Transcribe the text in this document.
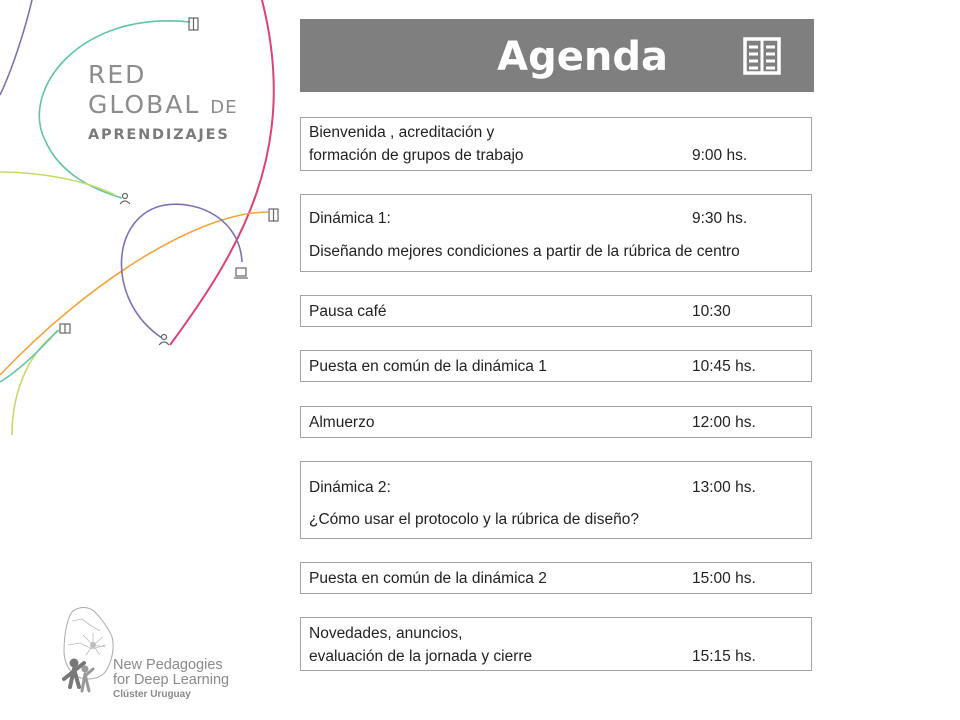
RED
GLOBAL DE
APRENDIZAJES
Agenda
Bienvenida , acreditación y
formación de grupos de trabajo	9:00 hs.
Dinámica 1:	9:30 hs.
Diseñando mejores condiciones a partir de la rúbrica de centro
Pausa café	10:30
Puesta en común de la dinámica 1	10:45 hs.
Almuerzo	12:00 hs.
Dinámica 2:	13:00 hs.
¿Cómo usar el protocolo y la rúbrica de diseño?
Puesta en común de la dinámica 2	15:00 hs.
Novedades, anuncios,
evaluación de la jornada y cierre	15:15 hs.
New Pedagogies
for Deep Learning
Clúster Uruguay
